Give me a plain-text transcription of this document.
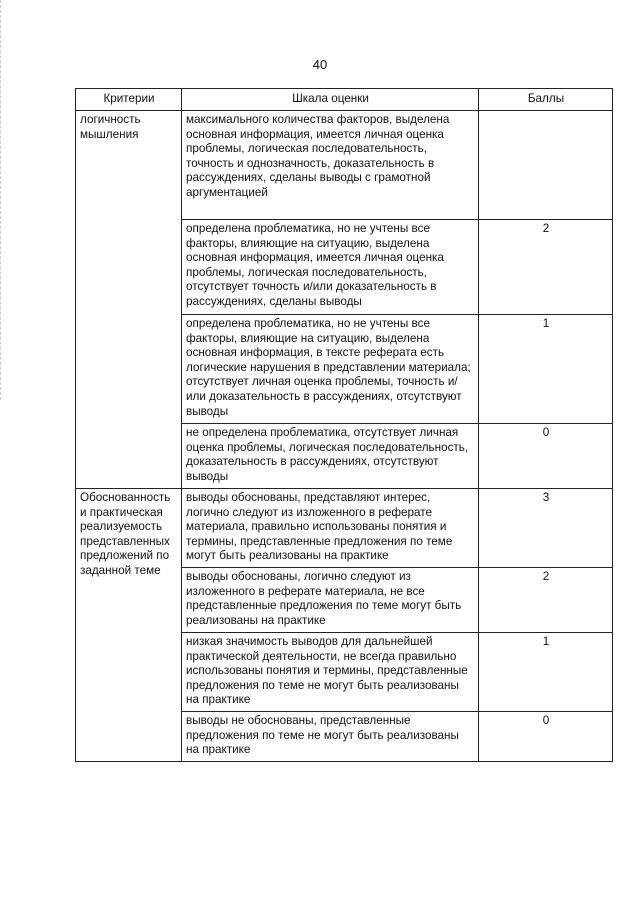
40
Критерии	Шкала оценки	Баллы
логичность мышления	максимального количества факторов, выделена основная информация, имеется личная оценка проблемы, логическая последовательность, точность и однозначность, доказательность в рассуждениях, сделаны выводы с грамотной аргументацией	
	определена проблематика, но не учтены все факторы, влияющие на ситуацию, выделена основная информация, имеется личная оценка проблемы, логическая последовательность, отсутствует точность и/или доказательность в рассуждениях, сделаны выводы	2
	определена проблематика, но не учтены все факторы, влияющие на ситуацию, выделена основная информация, в тексте реферата есть логические нарушения в представлении материала; отсутствует личная оценка проблемы, точность и/или доказательность в рассуждениях, отсутствуют выводы	1
	не определена проблематика, отсутствует личная оценка проблемы, логическая последовательность, доказательность в рассуждениях, отсутствуют выводы	0
Обоснованность и практическая реализуемость представленных предложений по заданной теме	выводы обоснованы, представляют интерес, логично следуют из изложенного в реферате материала, правильно использованы понятия и термины, представленные предложения по теме могут быть реализованы на практике	3
	выводы обоснованы, логично следуют из изложенного в реферате материала, не все представленные предложения по теме могут быть реализованы на практике	2
	низкая значимость выводов для дальнейшей практической деятельности, не всегда правильно использованы понятия и термины, представленные предложения по теме не могут быть реализованы на практике	1
	выводы не обоснованы, представленные предложения по теме не могут быть реализованы на практике	0
